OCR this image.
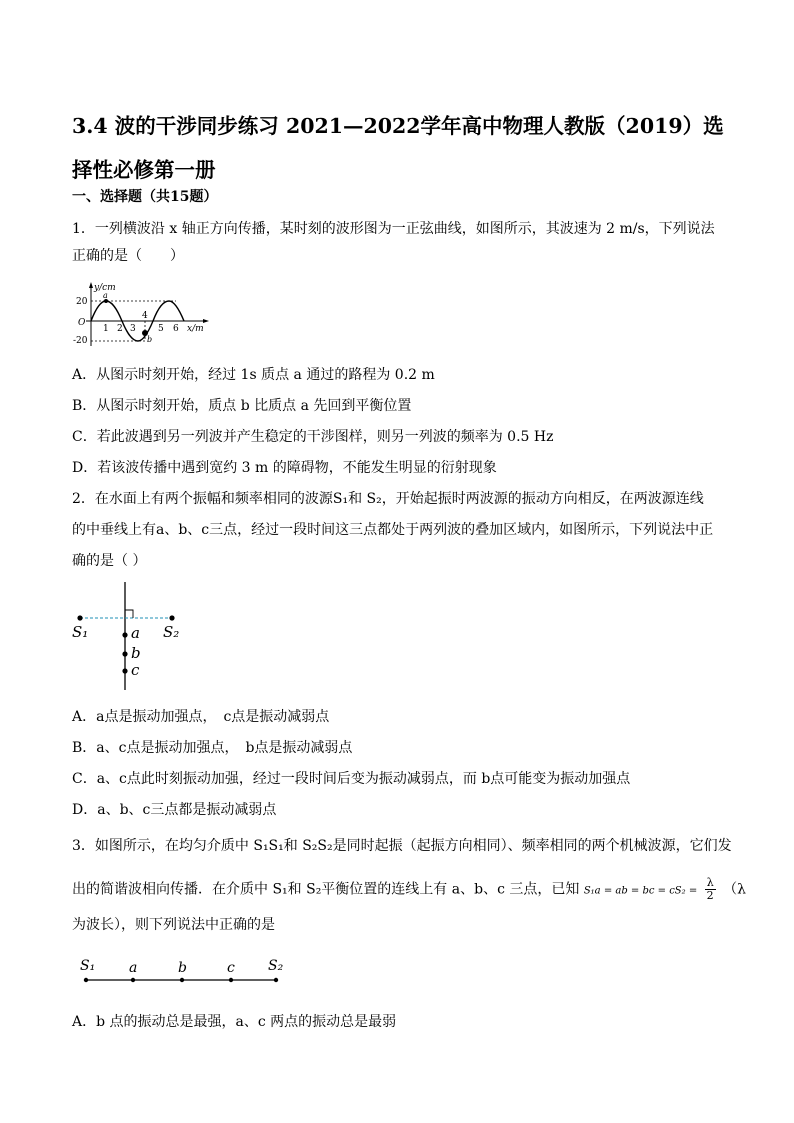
3.4 波的干涉同步练习 2021—2022学年高中物理人教版（2019）选择性必修第一册
一、选择题（共15题）
1．一列横波沿 x 轴正方向传播，某时刻的波形图为一正弦曲线，如图所示，其波速为 2 m/s，下列说法
正确的是（　　）
y/cm
20
O
-20
a
b
1 2 3
4
5 6 x/m
A．从图示时刻开始，经过 1s 质点 a 通过的路程为 0.2 m
B．从图示时刻开始，质点 b 比质点 a 先回到平衡位置
C．若此波遇到另一列波并产生稳定的干涉图样，则另一列波的频率为 0.5 Hz
D．若该波传播中遇到宽约 3 m 的障碍物，不能发生明显的衍射现象
2．在水面上有两个振幅和频率相同的波源S₁和 S₂，开始起振时两波源的振动方向相反，在两波源连线
的中垂线上有a、b、c三点，经过一段时间这三点都处于两列波的叠加区域内，如图所示，下列说法中正
确的是（ ）
S₁	S₂
a
b
c
A．a点是振动加强点，　c点是振动减弱点
B．a、c点是振动加强点，　b点是振动减弱点
C．a、c点此时刻振动加强，经过一段时间后变为振动减弱点，而 b点可能变为振动加强点
D．a、b、c三点都是振动减弱点
3．如图所示，在均匀介质中 S₁S₁和 S₂S₂是同时起振（起振方向相同）、频率相同的两个机械波源，它们发
出的简谐波相向传播．在介质中 S₁和 S₂平衡位置的连线上有 a、b、c 三点，已知 S₁a = ab = bc = $cS_2 = \frac{\lambda}{2} (\lambda$
为波长），则下列说法中正确的是
S₁ a	b	c S₂
A．b 点的振动总是最强，a、c 两点的振动总是最弱
